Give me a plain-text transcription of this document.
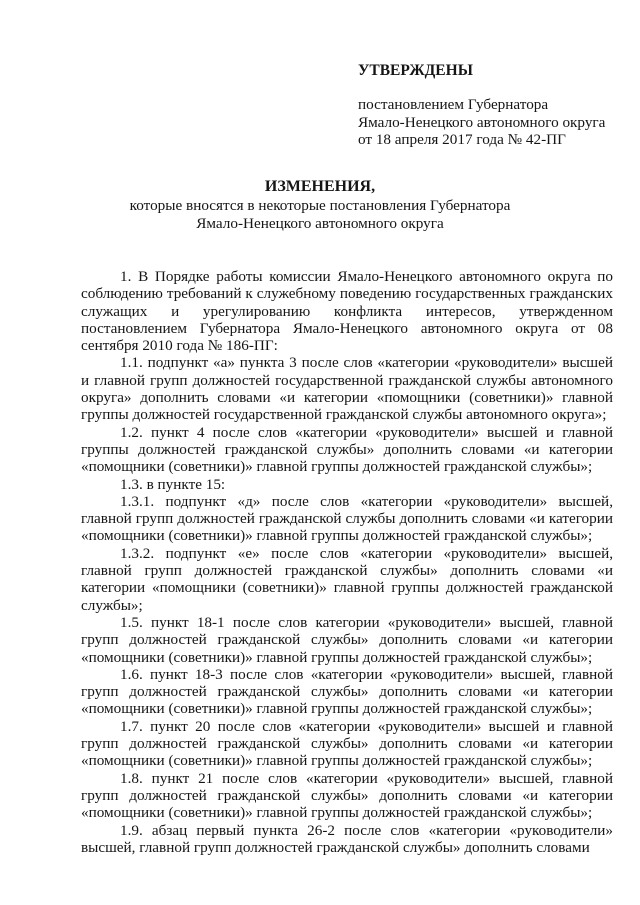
УТВЕРЖДЕНЫ

постановлением Губернатора

Ямало-Ненецкого автономного округа

от 18 апреля 2017 года № 42-ПГ

ИЗМЕНЕНИЯ,

которые вносятся в некоторые постановления Губернатора

Ямало-Ненецкого автономного округа

1. В Порядке работы комиссии Ямало-Ненецкого автономного округа по соблюдению требований к служебному поведению государственных гражданских служащих и урегулированию конфликта интересов, утвержденном постановлением Губернатора Ямало-Ненецкого автономного округа от 08 сентября 2010 года № 186-ПГ:

1.1. подпункт «а» пункта 3 после слов «категории «руководители» высшей и главной групп должностей государственной гражданской службы автономного округа» дополнить словами «и категории «помощники (советники)» главной группы должностей государственной гражданской службы автономного округа»;

1.2. пункт 4 после слов «категории «руководители» высшей и главной группы должностей гражданской службы» дополнить словами «и категории «помощники (советники)» главной группы должностей гражданской службы»;

1.3. в пункте 15:

1.3.1. подпункт «д» после слов «категории «руководители» высшей, главной групп должностей гражданской службы дополнить словами «и категории «помощники (советники)» главной группы должностей гражданской службы»;

1.3.2. подпункт «е» после слов «категории «руководители» высшей, главной групп должностей гражданской службы» дополнить словами «и категории «помощники (советники)» главной группы должностей гражданской службы»;

1.5. пункт 18-1 после слов категории «руководители» высшей, главной групп должностей гражданской службы» дополнить словами «и категории «помощники (советники)» главной группы должностей гражданской службы»;

1.6. пункт 18-3 после слов «категории «руководители» высшей, главной групп должностей гражданской службы» дополнить словами «и категории «помощники (советники)» главной группы должностей гражданской службы»;

1.7. пункт 20 после слов «категории «руководители» высшей и главной групп должностей гражданской службы» дополнить словами «и категории «помощники (советники)» главной группы должностей гражданской службы»;

1.8. пункт 21 после слов «категории «руководители» высшей, главной групп должностей гражданской службы» дополнить словами «и категории «помощники (советники)» главной группы должностей гражданской службы»;

1.9. абзац первый пункта 26-2 после слов «категории «руководители» высшей, главной групп должностей гражданской службы» дополнить словами
